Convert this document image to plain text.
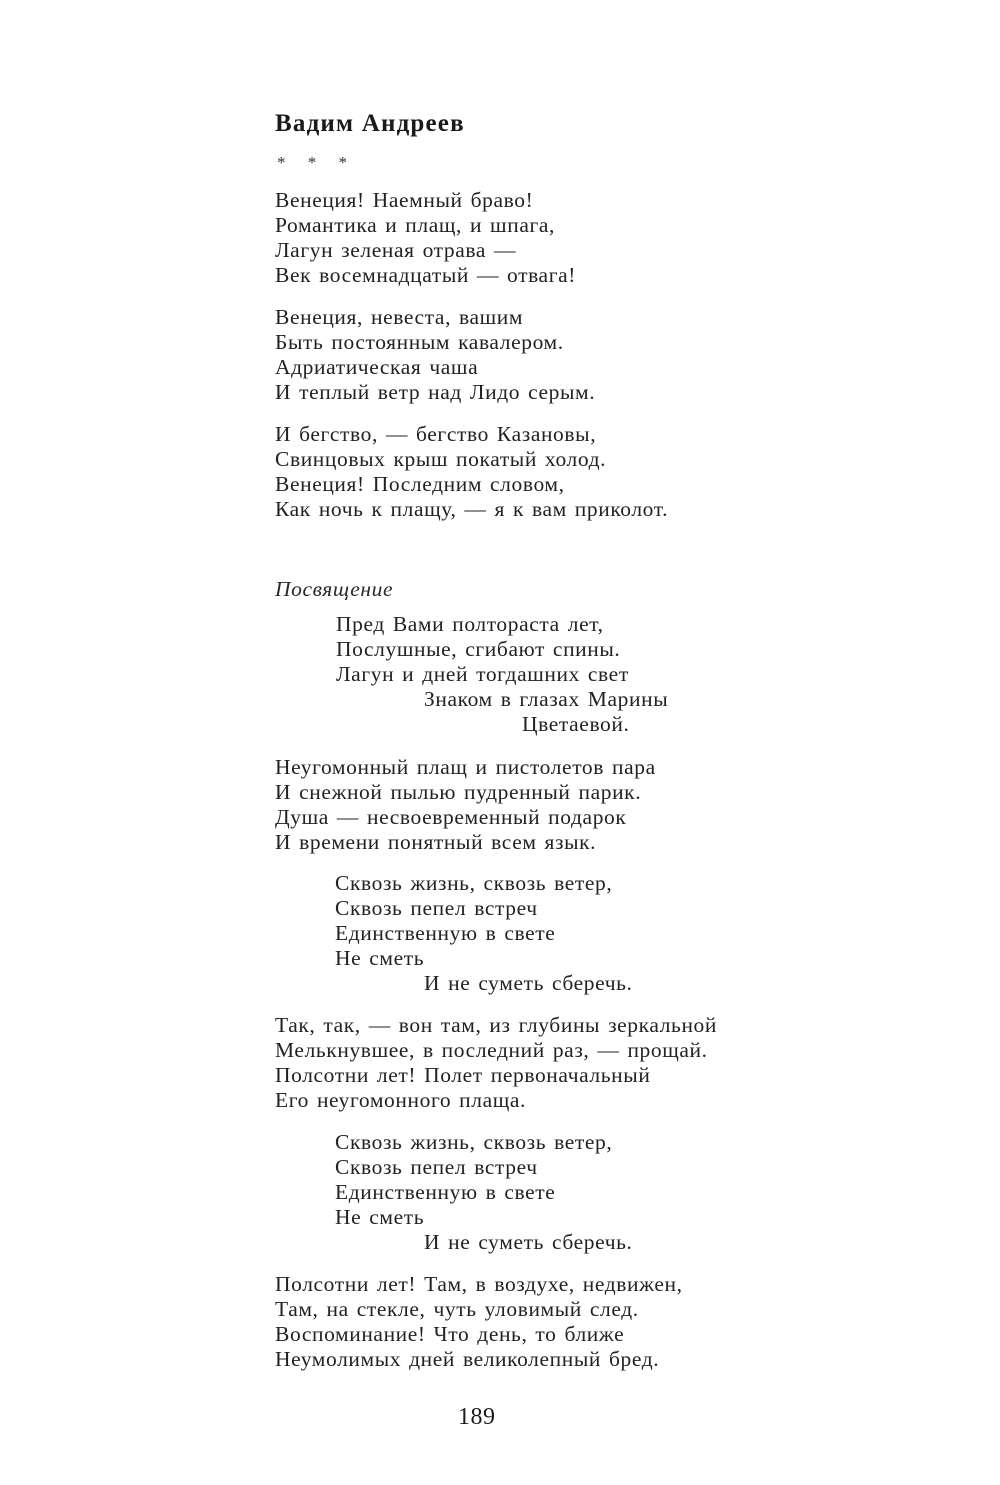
Вадим Андреев
* * *
Венеция! Наемный браво!
Романтика и плащ, и шпага,
Лагун зеленая отрава —
Век восемнадцатый — отвага!
Венеция, невеста, вашим
Быть постоянным кавалером.
Адриатическая чаша
И теплый ветр над Лидо серым.
И бегство, — бегство Казановы,
Свинцовых крыш покатый холод.
Венеция! Последним словом,
Как ночь к плащу, — я к вам приколот.
Посвящение
Пред Вами полтораста лет,
Послушные, сгибают спины.
Лагун и дней тогдашних свет
Знаком в глазах Марины
Цветаевой.
Неугомонный плащ и пистолетов пара
И снежной пылью пудренный парик.
Душа — несвоевременный подарок
И времени понятный всем язык.
Сквозь жизнь, сквозь ветер,
Сквозь пепел встреч
Единственную в свете
Не сметь
И не суметь сберечь.
Так, так, — вон там, из глубины зеркальной
Мелькнувшее, в последний раз, — прощай.
Полсотни лет! Полет первоначальный
Его неугомонного плаща.
Сквозь жизнь, сквозь ветер,
Сквозь пепел встреч
Единственную в свете
Не сметь
И не суметь сберечь.
Полсотни лет! Там, в воздухе, недвижен,
Там, на стекле, чуть уловимый след.
Воспоминание! Что день, то ближе
Неумолимых дней великолепный бред.
189
